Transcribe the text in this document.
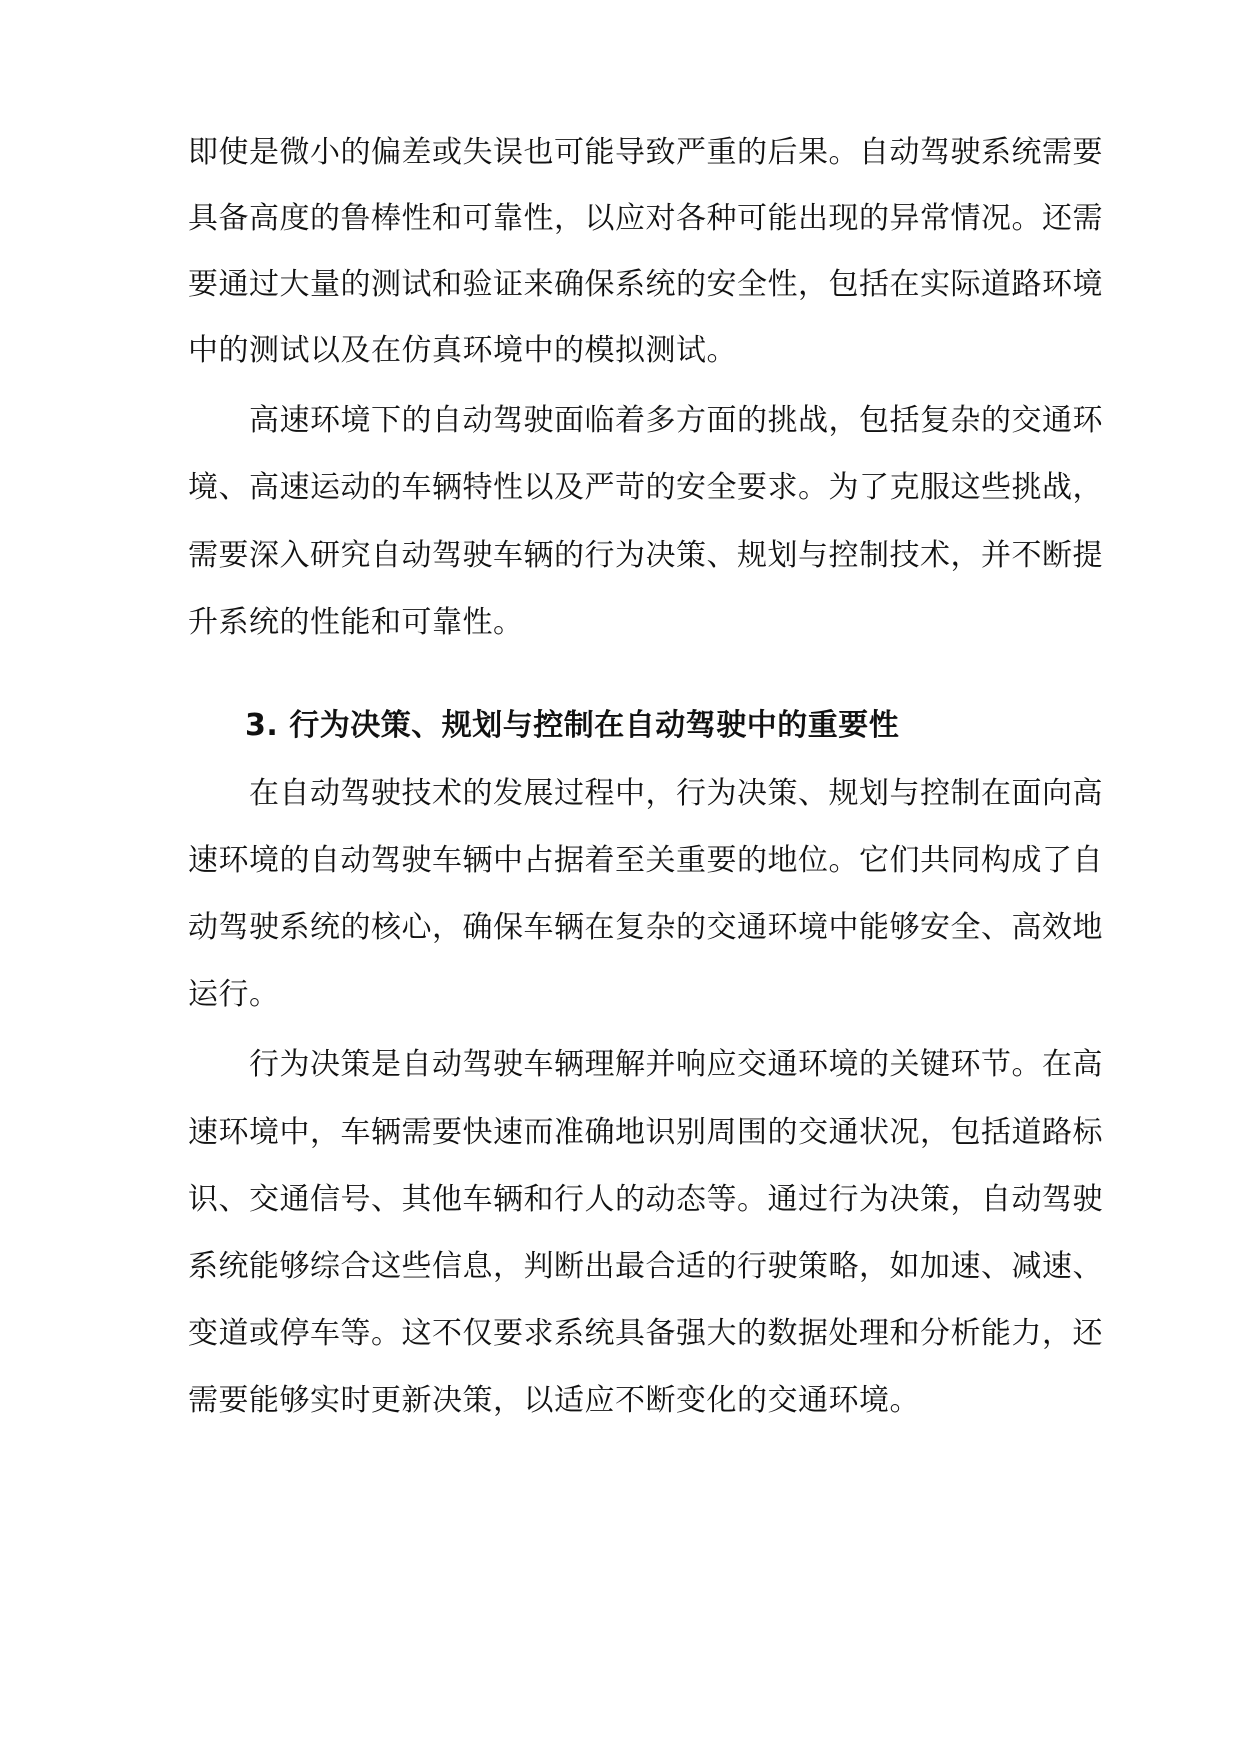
即使是微小的偏差或失误也可能导致严重的后果。自动驾驶系统需要
具备高度的鲁棒性和可靠性，以应对各种可能出现的异常情况。还需
要通过大量的测试和验证来确保系统的安全性，包括在实际道路环境
中的测试以及在仿真环境中的模拟测试。
　　高速环境下的自动驾驶面临着多方面的挑战，包括复杂的交通环
境、高速运动的车辆特性以及严苛的安全要求。为了克服这些挑战，
需要深入研究自动驾驶车辆的行为决策、规划与控制技术，并不断提
升系统的性能和可靠性。
3. 行为决策、规划与控制在自动驾驶中的重要性
　　在自动驾驶技术的发展过程中，行为决策、规划与控制在面向高
速环境的自动驾驶车辆中占据着至关重要的地位。它们共同构成了自
动驾驶系统的核心，确保车辆在复杂的交通环境中能够安全、高效地
运行。
　　行为决策是自动驾驶车辆理解并响应交通环境的关键环节。在高
速环境中，车辆需要快速而准确地识别周围的交通状况，包括道路标
识、交通信号、其他车辆和行人的动态等。通过行为决策，自动驾驶
系统能够综合这些信息，判断出最合适的行驶策略，如加速、减速、
变道或停车等。这不仅要求系统具备强大的数据处理和分析能力，还
需要能够实时更新决策，以适应不断变化的交通环境。
